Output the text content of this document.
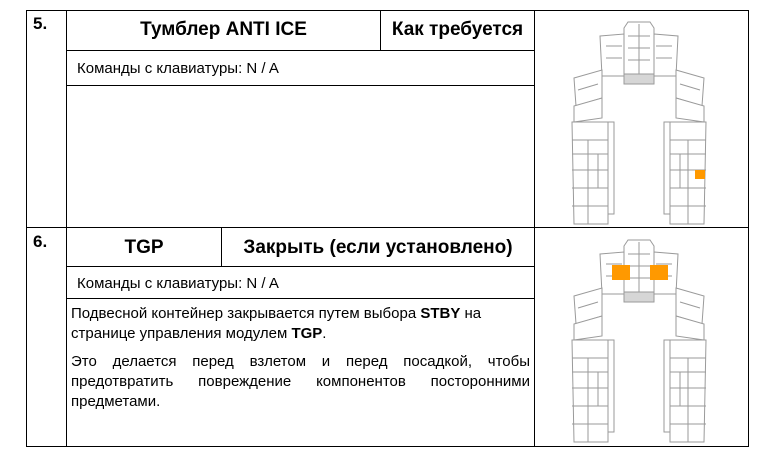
5.	Тумблер ANTI ICE	Как требуется
Команды с клавиатуры: N / A
6.	TGP	Закрыть (если установлено)
Команды с клавиатуры: N / A

Подвесной контейнер закрывается путем выбора STBY на странице управления модулем TGP.

Это делается перед взлетом и перед посадкой, чтобы предотвратить повреждение компонентов посторонними предметами.
